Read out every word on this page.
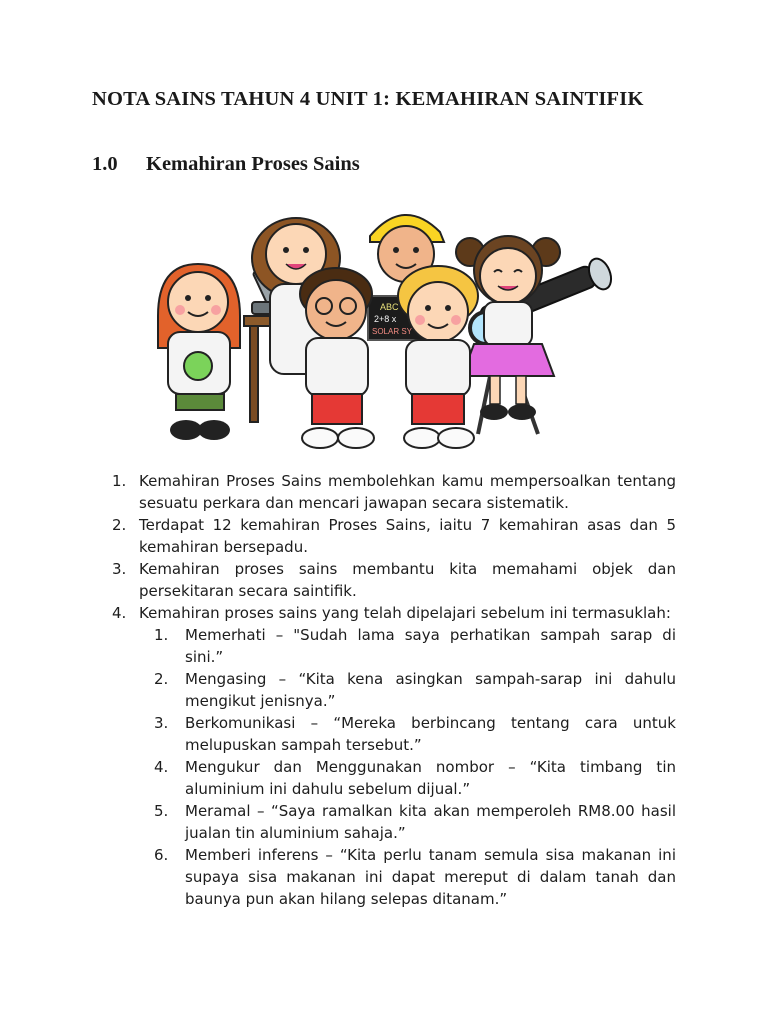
NOTA SAINS TAHUN 4 UNIT 1: KEMAHIRAN SAINTIFIK
1.0 Kemahiran Proses Sains
ABC
2+8 x
SOLAR SY
1. Kemahiran Proses Sains membolehkan kamu mempersoalkan tentang sesuatu perkara dan mencari jawapan secara sistematik.
2. Terdapat 12 kemahiran Proses Sains, iaitu 7 kemahiran asas dan 5 kemahiran bersepadu.
3. Kemahiran proses sains membantu kita memahami objek dan persekitaran secara saintifik.
4. Kemahiran proses sains yang telah dipelajari sebelum ini termasuklah:
1. Memerhati – "Sudah lama saya perhatikan sampah sarap di sini.”
2. Mengasing – “Kita kena asingkan sampah-sarap ini dahulu mengikut jenisnya.”
3. Berkomunikasi – “Mereka berbincang tentang cara untuk melupuskan sampah tersebut.”
4. Mengukur dan Menggunakan nombor – “Kita timbang tin aluminium ini dahulu sebelum dijual.”
5. Meramal – “Saya ramalkan kita akan memperoleh RM8.00 hasil jualan tin aluminium sahaja.”
6. Memberi inferens – “Kita perlu tanam semula sisa makanan ini supaya sisa makanan ini dapat mereput di dalam tanah dan baunya pun akan hilang selepas ditanam.”
